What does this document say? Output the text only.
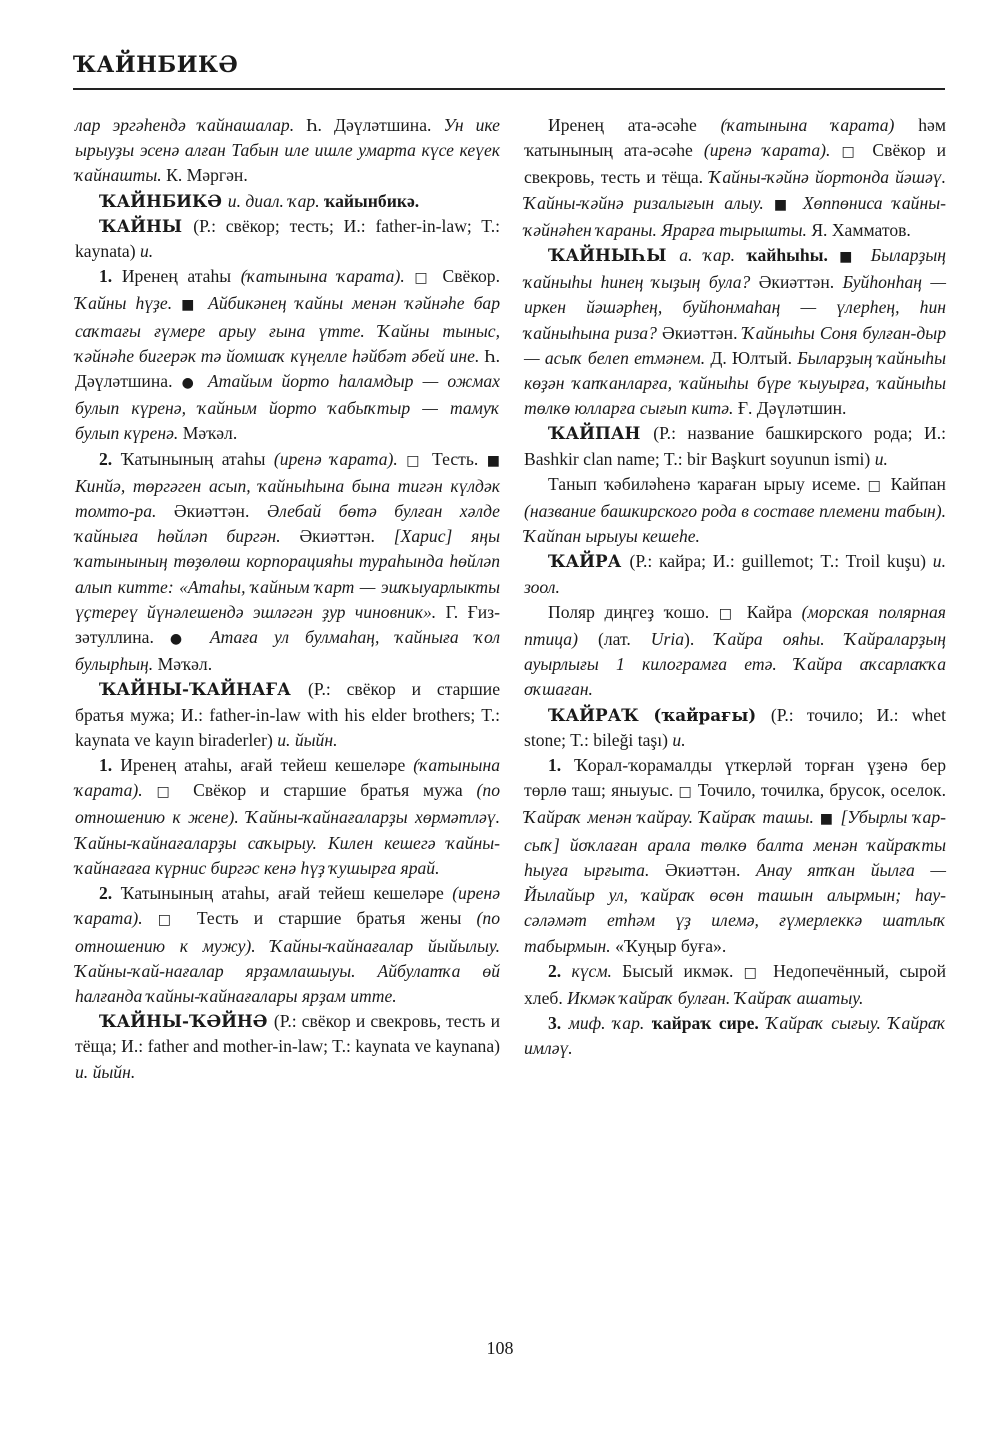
ҠАЙНБИКӘ

лар эргәһендә ҡайнашалар. Һ. Дәүләтшина. Ун ике ырыуҙы эсенә алған Табын иле ишле умарта күсе кеүек ҡайнашты. К. Мәргән.

ҠАЙНБИКӘ и. диал. ҡар. ҡайынбикә.

ҠАЙНЫ (Р.: свёкор; тесть; И.: father-in-law; T.: kaynata) и.

1. Иренең атаһы (ҡатынына ҡарата). □ Свёкор. Ҡайны һүҙе. ■ Айбикәнең ҡайны менән ҡәйнәһе бар саҡтағы ғүмере арыу ғына үтте. Ҡайны тыныс, ҡәйнәһе бигерәк тә йомшаҡ күңелле һәйбәт әбей ине. Һ. Дәүләтшина. ● Атайым йорто һаламдыр — ожмах булып күренә, ҡайным йорто ҡабыҡтыр — тамуҡ булып күренә. Мәҡәл.

2. Ҡатынының атаһы (иренә ҡарата). □ Тесть. ■ Кинйә, төргәген асып, ҡайныһына бына тигән күлдәк томто-ра. Әкиәттән. Әлебай бөтә булған хәлде ҡайныға һөйләп биргән. Әкиәттән. [Харис] яңы ҡатынының төҙөлөш корпорацияһы тураһында һөйләп алып китте: «Атаһы, ҡайным ҡарт — эшҡыуарлыкты үҫтереү йүнәлешендә эшләгән ҙур чиновник». Г. Ғиз-зәтуллина. ● Атаға ул булмаһаң, ҡайныға ҡол булырһың. Мәҡәл.

ҠАЙНЫ-ҠАЙНАҒА (Р.: свёкор и старшие братья мужа; И.: father-in-law with his elder brothers; T.: kaynata ve kayın biraderler) и. йыйн.

1. Иренең атаһы, ағай тейеш кешеләре (ҡатынына ҡарата). □ Свёкор и старшие братья мужа (по отношению к жене). Ҡайны-ҡайнағаларҙы хөрмәтләү. Ҡайны-ҡайнағаларҙы саҡырыу. Килен кешегә ҡайны-ҡайнағаға күрнис биргәс кенә һүҙ ҡушырға ярай.

2. Ҡатынының атаһы, ағай тейеш кешеләре (иренә ҡарата). □ Тесть и старшие братья жены (по отношению к мужу). Ҡайны-ҡайнағалар йыйылыу. Ҡайны-ҡай-нағалар ярҙамлашыуы. Айбулатҡа өй һалғанда ҡайны-ҡайнағалары ярҙам итте.

ҠАЙНЫ-ҠӘЙНӘ (Р.: свёкор и свекровь, тесть и тёща; И.: father and mother-in-law; T.: kaynata ve kaynana) и. йыйн.

Иренең ата-әсәһе (ҡатынына ҡарата) һәм ҡатынының ата-әсәһе (иренә ҡарата). □ Свёкор и свекровь, тесть и тёща. Ҡайны-ҡәйнә йортонда йәшәү. Ҡайны-ҡәйнә ризалығын алыу. ■ Хөппөниса ҡайны-ҡәйнәһен ҡараны. Ярарға тырышты. Я. Хамматов.

ҠАЙНЫҺЫ а. ҡар. ҡайһыһы. ■ Быларҙың ҡайныһы һинең ҡыҙың була? Әкиәттән. Буйһонһаң — иркен йәшәрһең, буйһонмаһаң — үлерһең, һин ҡайныһына риза? Әкиәттән. Ҡайныһы Соня булған-дыр — асыҡ белеп етмәнем. Д. Юлтый. Быларҙың ҡайныһы көҙән ҡапҡанларға, ҡайныһы бүре ҡыуырға, ҡайныһы төлкө юлларға сығып китә. Ғ. Дәүләтшин.

ҠАЙПАН (Р.: название башкирского рода; И.: Bashkir clan name; T.: bir Başkurt soyunun ismi) и.

Танып ҡәбиләһенә ҡараған ырыу исеме. □ Кайпан (название башкирского рода в составе племени табын). Ҡайпан ырыуы кешеһе.

ҠАЙРА (Р.: кайра; И.: guillemot; T.: Troil kuşu) и. зоол.

Поляр диңгеҙ ҡошо. □ Кайра (морская полярная птица) (лат. Uria). Ҡайра ояһы. Ҡайраларҙың ауырлығы 1 килограмға етә. Ҡайра аҡсарлаҡҡа оҡшаған.

ҠАЙРАҠ (ҡайрағы) (Р.: точило; И.: whet stone; T.: bileği taşı) и.

1. Ҡорал-ҡорамалды үткерләй торған үҙенә бер төрлө таш; яныуыс. □ Точило, точилка, брусок, оселок. Ҡайраҡ менән ҡайрау. Ҡайраҡ ташы. ■ [Убырлы ҡар-сыҡ] йоҡлаған арала төлкө балта менән ҡайраҡты һыуға ырғыта. Әкиәттән. Анау ятҡан йылға — Йылайыр ул, ҡайраҡ өсөн ташын алырмын; һау-сәләмәт етһәм үҙ илемә, ғүмерлеккә шатлыҡ табырмын. «Ҡуңыр буға».

2. күсм. Бысый икмәк. □ Недопечённый, сырой хлеб. Икмәк ҡайраҡ булған. Ҡайраҡ ашатыу.

3. миф. ҡар. ҡайраҡ сире. Ҡайраҡ сығыу. Ҡайраҡ имләү.

108
